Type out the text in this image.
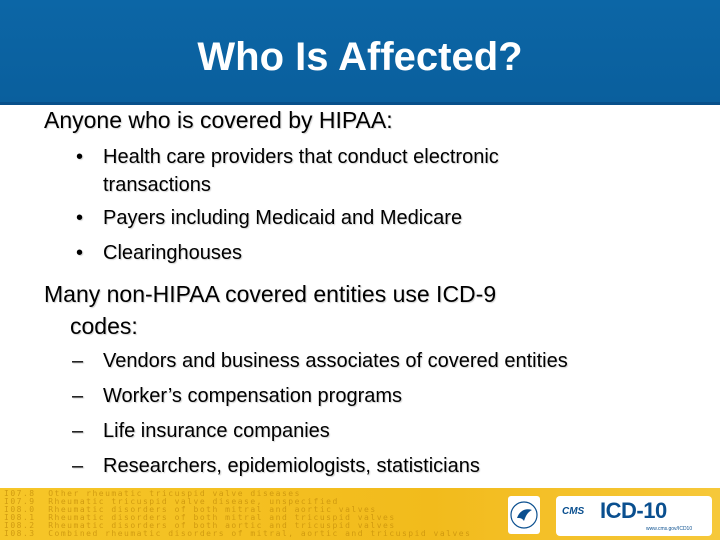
Who Is Affected?
Anyone who is covered by HIPAA:
• Health care providers that conduct electronic
transactions
• Payers including Medicaid and Medicare
• Clearinghouses
Many non-HIPAA covered entities use ICD-9
codes:
– Vendors and business associates of covered entities
– Worker’s compensation programs
– Life insurance companies
– Researchers, epidemiologists, statisticians
I07.8 Other rheumatic tricuspid valve diseases
I07.9 Rheumatic tricuspid valve disease, unspecified
I08.0 Rheumatic disorders of both mitral and aortic valves
I08.1 Rheumatic disorders of both mitral and tricuspid valves
I08.2 Rheumatic disorders of both aortic and tricuspid valves
I08.3 Combined rheumatic disorders of mitral, aortic and tricuspid valves
CMS ICD-10
www.cms.gov/ICD10
